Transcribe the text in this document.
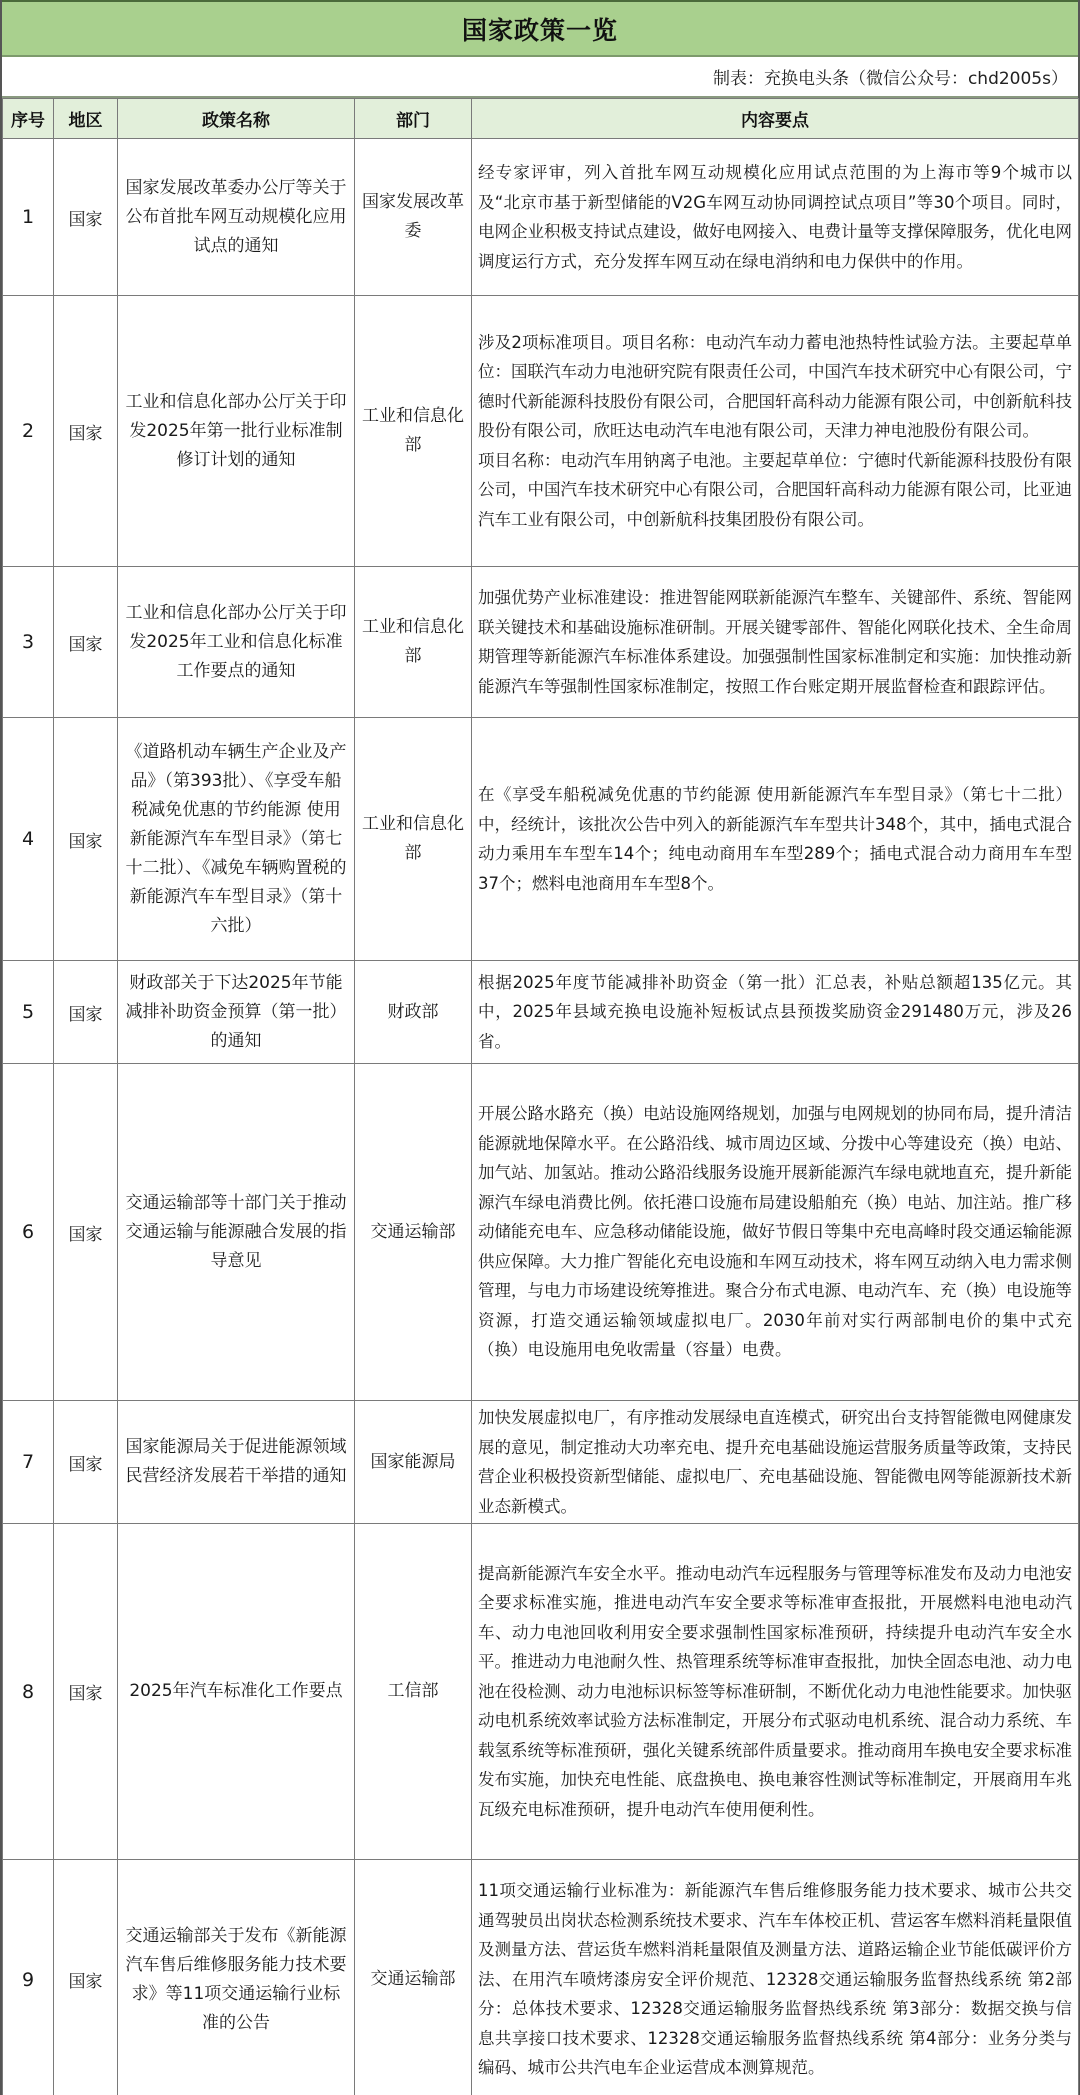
国家政策一览
制表：充换电头条（微信公众号：chd2005s）
序号	地区	政策名称	部门	内容要点
1	国家	国家发展改革委办公厅等关于公布首批车网互动规模化应用试点的通知	国家发展改革委	经专家评审，列入首批车网互动规模化应用试点范围的为上海市等9个城市以及“北京市基于新型储能的V2G车网互动协同调控试点项目”等30个项目。同时，电网企业积极支持试点建设，做好电网接入、电费计量等支撑保障服务，优化电网调度运行方式，充分发挥车网互动在绿电消纳和电力保供中的作用。

2	国家	工业和信息化部办公厅关于印发2025年第一批行业标准制修订计划的通知	工业和信息化部	涉及2项标准项目。项目名称：电动汽车动力蓄电池热特性试验方法。主要起草单位：国联汽车动力电池研究院有限责任公司，中国汽车技术研究中心有限公司，宁德时代新能源科技股份有限公司，合肥国轩高科动力能源有限公司，中创新航科技股份有限公司，欣旺达电动汽车电池有限公司，天津力神电池股份有限公司。
项目名称：电动汽车用钠离子电池。主要起草单位：宁德时代新能源科技股份有限公司，中国汽车技术研究中心有限公司，合肥国轩高科动力能源有限公司，比亚迪汽车工业有限公司，中创新航科技集团股份有限公司。

3	国家	工业和信息化部办公厅关于印发2025年工业和信息化标准工作要点的通知	工业和信息化部	加强优势产业标准建设：推进智能网联新能源汽车整车、关键部件、系统、智能网联关键技术和基础设施标准研制。开展关键零部件、智能化网联化技术、全生命周期管理等新能源汽车标准体系建设。加强强制性国家标准制定和实施：加快推动新能源汽车等强制性国家标准制定，按照工作台账定期开展监督检查和跟踪评估。

4	国家	《道路机动车辆生产企业及产品》（第393批）、《享受车船税减免优惠的节约能源 使用新能源汽车车型目录》（第七十二批）、《减免车辆购置税的新能源汽车车型目录》（第十六批）	工业和信息化部	在《享受车船税减免优惠的节约能源 使用新能源汽车车型目录》（第七十二批）中，经统计，该批次公告中列入的新能源汽车车型共计348个，其中，插电式混合动力乘用车车型车14个；纯电动商用车车型289个；插电式混合动力商用车车型37个；燃料电池商用车车型8个。

5	国家	财政部关于下达2025年节能减排补助资金预算（第一批）的通知	财政部	根据2025年度节能减排补助资金（第一批）汇总表，补贴总额超135亿元。其中，2025年县域充换电设施补短板试点县预拨奖励资金291480万元，涉及26省。

6	国家	交通运输部等十部门关于推动交通运输与能源融合发展的指导意见	交通运输部	开展公路水路充（换）电站设施网络规划，加强与电网规划的协同布局，提升清洁能源就地保障水平。在公路沿线、城市周边区域、分拨中心等建设充（换）电站、加气站、加氢站。推动公路沿线服务设施开展新能源汽车绿电就地直充，提升新能源汽车绿电消费比例。依托港口设施布局建设船舶充（换）电站、加注站。推广移动储能充电车、应急移动储能设施，做好节假日等集中充电高峰时段交通运输能源供应保障。大力推广智能化充电设施和车网互动技术，将车网互动纳入电力需求侧管理，与电力市场建设统筹推进。聚合分布式电源、电动汽车、充（换）电设施等资源，打造交通运输领域虚拟电厂。2030年前对实行两部制电价的集中式充（换）电设施用电免收需量（容量）电费。

7	国家	国家能源局关于促进能源领域民营经济发展若干举措的通知	国家能源局	加快发展虚拟电厂，有序推动发展绿电直连模式，研究出台支持智能微电网健康发展的意见，制定推动大功率充电、提升充电基础设施运营服务质量等政策，支持民营企业积极投资新型储能、虚拟电厂、充电基础设施、智能微电网等能源新技术新业态新模式。

8	国家	2025年汽车标准化工作要点	工信部	提高新能源汽车安全水平。推动电动汽车远程服务与管理等标准发布及动力电池安全要求标准实施，推进电动汽车安全要求等标准审查报批，开展燃料电池电动汽车、动力电池回收利用安全要求强制性国家标准预研，持续提升电动汽车安全水平。推进动力电池耐久性、热管理系统等标准审查报批，加快全固态电池、动力电池在役检测、动力电池标识标签等标准研制，不断优化动力电池性能要求。加快驱动电机系统效率试验方法标准制定，开展分布式驱动电机系统、混合动力系统、车载氢系统等标准预研，强化关键系统部件质量要求。推动商用车换电安全要求标准发布实施，加快充电性能、底盘换电、换电兼容性测试等标准制定，开展商用车兆瓦级充电标准预研，提升电动汽车使用便利性。

9	国家	交通运输部关于发布《新能源汽车售后维修服务能力技术要求》等11项交通运输行业标准的公告	交通运输部	11项交通运输行业标准为：新能源汽车售后维修服务能力技术要求、城市公共交通驾驶员出岗状态检测系统技术要求、汽车车体校正机、营运客车燃料消耗量限值及测量方法、营运货车燃料消耗量限值及测量方法、道路运输企业节能低碳评价方法、在用汽车喷烤漆房安全评价规范、12328交通运输服务监督热线系统 第2部分：总体技术要求、12328交通运输服务监督热线系统 第3部分：数据交换与信息共享接口技术要求、12328交通运输服务监督热线系统 第4部分：业务分类与编码、城市公共汽电车企业运营成本测算规范。
